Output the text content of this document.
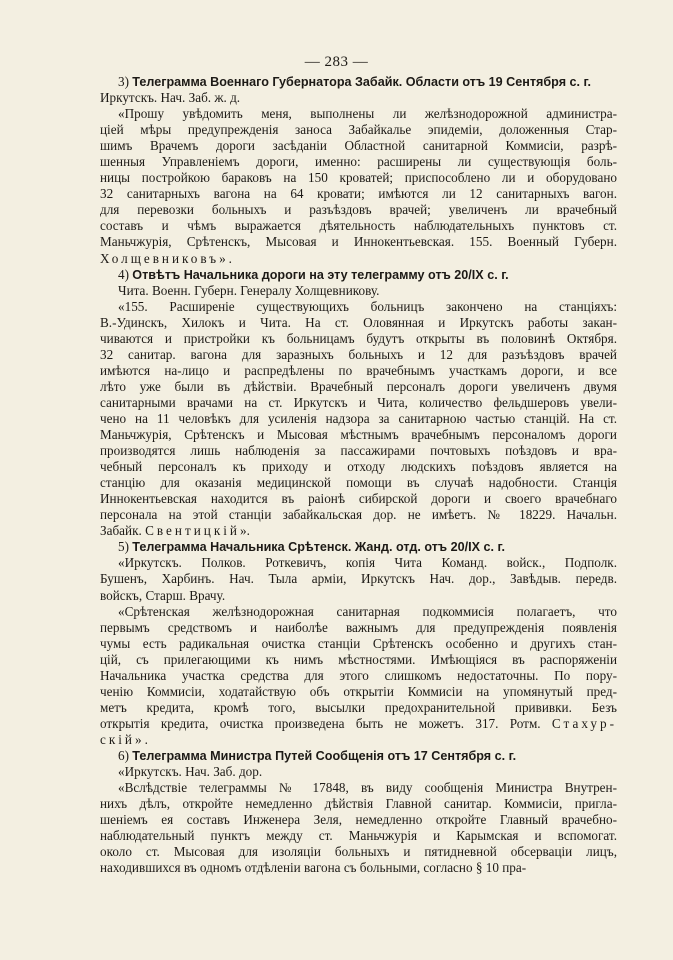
— 283 —
3) Телеграмма Военнаго Губернатора Забайк. Области отъ 19 Сентября с. г.
Иркутскъ. Нач. Заб. ж. д.
«Прошу увѣдомить меня, выполнены ли желѣзнодорожной администра-
ціей мѣры предупрежденія заноса Забайкалье эпидеміи, доложенныя Стар-
шимъ Врачемъ дороги засѣданіи Областной санитарной Коммисіи, разрѣ-
шенныя Управленіемъ дороги, именно: расширены ли существующія боль-
ницы постройкою бараковъ на 150 кроватей; приспособлено ли и оборудовано
32 санитарныхъ вагона на 64 кровати; имѣются ли 12 санитарныхъ вагон.
для перевозки больныхъ и разъѣздовъ врачей; увеличенъ ли врачебный
составъ и чѣмъ выражается дѣятельность наблюдательныхъ пунктовъ ст.
Маньчжурія, Срѣтенскъ, Мысовая и Иннокентьевская. 155. Военный Губерн.
Холщевниковъ».
4) Отвѣтъ Начальника дороги на эту телеграмму отъ 20/IX с. г.
Чита. Военн. Губерн. Генералу Холщевникову.
«155. Расширеніе существующихъ больницъ закончено на станціяхъ:
В.-Удинскъ, Хилокъ и Чита. На ст. Оловянная и Иркутскъ работы закан-
чиваются и пристройки къ больницамъ будутъ открыты въ половинѣ Октября.
32 санитар. вагона для заразныхъ больныхъ и 12 для разъѣздовъ врачей
имѣются на-лицо и распредѣлены по врачебнымъ участкамъ дороги, и все
лѣто уже были въ дѣйствіи. Врачебный персоналъ дороги увеличенъ двумя
санитарными врачами на ст. Иркутскъ и Чита, количество фельдшеровъ увели-
чено на 11 человѣкъ для усиленія надзора за санитарною частью станцій. На ст.
Маньчжурія, Срѣтенскъ и Мысовая мѣстнымъ врачебнымъ персоналомъ дороги
производятся лишь наблюденія за пассажирами почтовыхъ поѣздовъ и вра-
чебный персоналъ къ приходу и отходу людскихъ поѣздовъ является на
станцію для оказанія медицинской помощи въ случаѣ надобности. Станція
Иннокентьевская находится въ раіонѣ сибирской дороги и своего врачебнаго
персонала на этой станціи забайкальская дор. не имѣетъ. № 18229. Начальн.
Забайк. Свентицкій».
5) Телеграмма Начальника Срѣтенск. Жанд. отд. отъ 20/IX с. г.
«Иркутскъ. Полков. Роткевичъ, копія Чита Команд. войск., Подполк.
Бушенъ, Харбинъ. Нач. Тыла арміи, Иркутскъ Нач. дор., Завѣдыв. передв.
войскъ, Старш. Врачу.
«Срѣтенская желѣзнодорожная санитарная подкоммисія полагаетъ, что
первымъ средствомъ и наиболѣе важнымъ для предупрежденія появленія
чумы есть радикальная очистка станціи Срѣтенскъ особенно и другихъ стан-
цій, съ прилегающими къ нимъ мѣстностями. Имѣющіяся въ распоряженіи
Начальника участка средства для этого слишкомъ недостаточны. По пору-
ченію Коммисіи, ходатайствую объ открытіи Коммисіи на упомянутый пред-
метъ кредита, кромѣ того, высылки предохранительной прививки. Безъ
открытія кредита, очистка произведена быть не можетъ. 317. Ротм. Стахур-
скій».
6) Телеграмма Министра Путей Сообщенія отъ 17 Сентября с. г.
«Иркутскъ. Нач. Заб. дор.
«Вслѣдствіе телеграммы № 17848, въ виду сообщенія Министра Внутрен-
нихъ дѣлъ, откройте немедленно дѣйствія Главной санитар. Коммисіи, пригла-
шеніемъ ея составъ Инженера Зеля, немедленно откройте Главный врачебно-
наблюдательный пунктъ между ст. Маньчжурія и Карымская и вспомогат.
около ст. Мысовая для изоляціи больныхъ и пятидневной обсерваціи лицъ,
находившихся въ одномъ отдѣленіи вагона съ больными, согласно § 10 пра-
